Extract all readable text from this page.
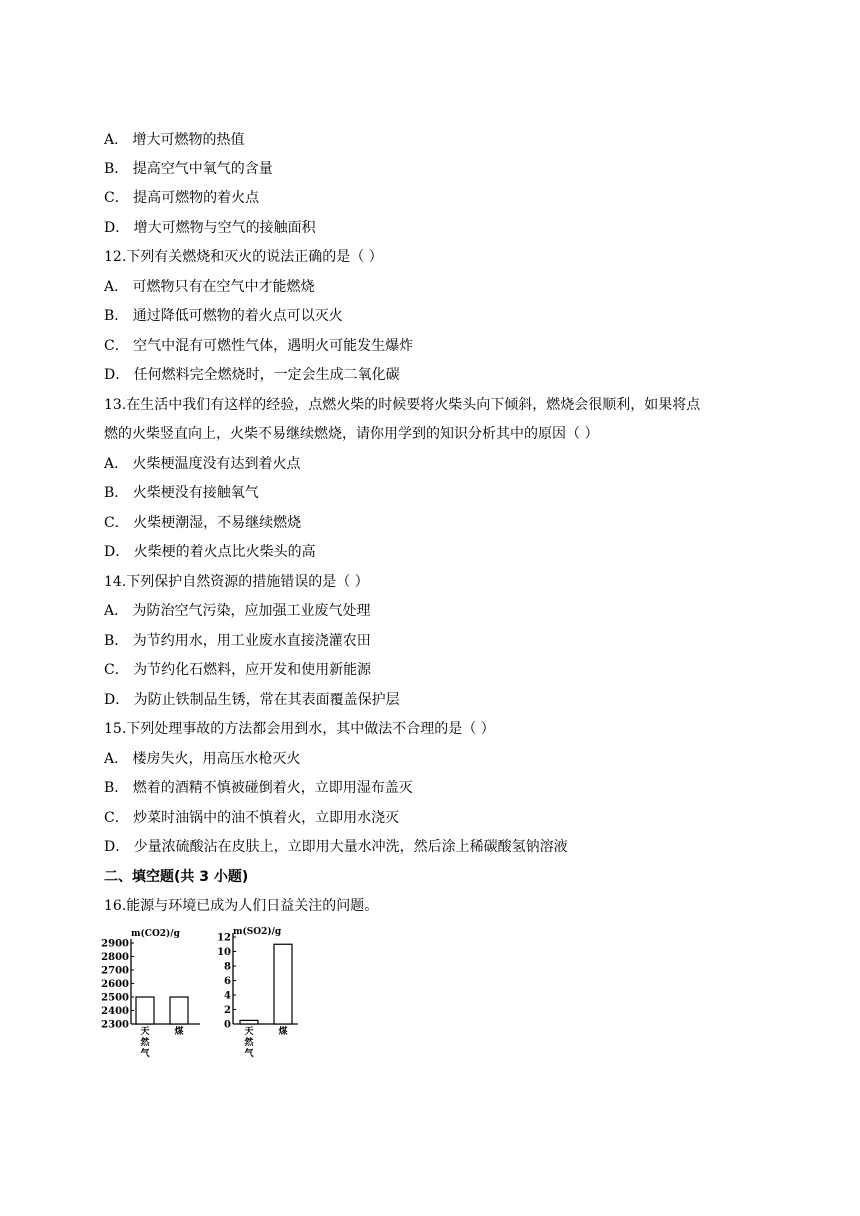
A． 增大可燃物的热值
B． 提高空气中氧气的含量
C． 提高可燃物的着火点
D． 增大可燃物与空气的接触面积
12.下列有关燃烧和灭火的说法正确的是（ ）
A． 可燃物只有在空气中才能燃烧
B． 通过降低可燃物的着火点可以灭火
C． 空气中混有可燃性气体，遇明火可能发生爆炸
D． 任何燃料完全燃烧时，一定会生成二氧化碳
13.在生活中我们有这样的经验，点燃火柴的时候要将火柴头向下倾斜，燃烧会很顺利，如果将点
燃的火柴竖直向上，火柴不易继续燃烧，请你用学到的知识分析其中的原因（ ）
A． 火柴梗温度没有达到着火点
B． 火柴梗没有接触氧气
C． 火柴梗潮湿，不易继续燃烧
D． 火柴梗的着火点比火柴头的高
14.下列保护自然资源的措施错误的是（ ）
A． 为防治空气污染，应加强工业废气处理
B． 为节约用水，用工业废水直接浇灌农田
C． 为节约化石燃料，应开发和使用新能源
D． 为防止铁制品生锈，常在其表面覆盖保护层
15.下列处理事故的方法都会用到水，其中做法不合理的是（ ）
A． 楼房失火，用高压水枪灭火
B． 燃着的酒精不慎被碰倒着火，立即用湿布盖灭
C． 炒菜时油锅中的油不慎着火，立即用水浇灭
D． 少量浓硫酸沾在皮肤上，立即用大量水冲洗，然后涂上稀碳酸氢钠溶液
二、填空题(共 3 小题)
16.能源与环境已成为人们日益关注的问题。
m(CO2)/g
2900
2800
2700
2600
2500
2400
2300
天然气
煤
m(SO2)/g
12
10
8
6
4
2
0
天然气
煤
